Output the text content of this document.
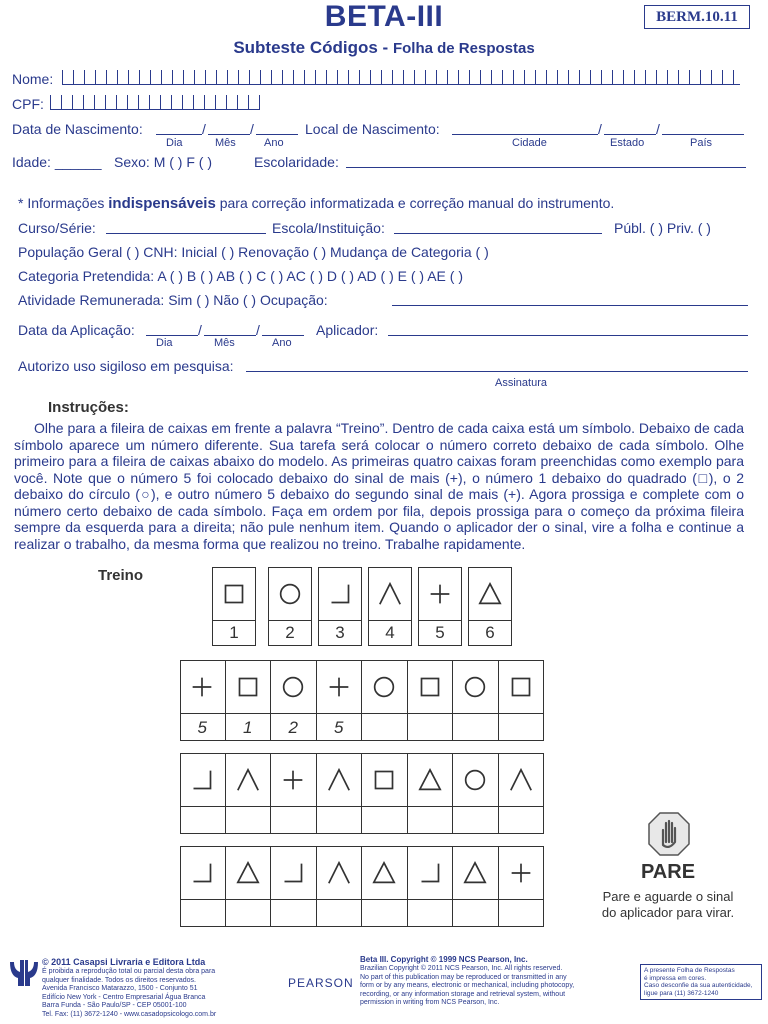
BETA-III
Subteste Códigos - Folha de Respostas
BERM.10.11
Nome:
CPF:
Data de Nascimento:	/	/
Dia	Mês	Ano
Local de Nascimento:	/	/
Cidade	Estado	País
Idade: ______ Sexo: M ( ) F ( )	Escolaridade:
* Informações indispensáveis para correção informatizada e correção manual do instrumento.
Curso/Série:	Escola/Instituição:	Públ. ( ) Priv. ( )
População Geral ( ) CNH: Inicial ( ) Renovação ( ) Mudança de Categoria ( )
Categoria Pretendida: A ( ) B ( ) AB ( ) C ( ) AC ( ) D ( ) AD ( ) E ( ) AE ( )
Atividade Remunerada: Sim ( ) Não ( ) Ocupação:
Data da Aplicação:	/	/
Dia	Mês	Ano
Aplicador:
Autorizo uso sigiloso em pesquisa:
Assinatura
Instruções:
Olhe para a fileira de caixas em frente a palavra “Treino”. Dentro de cada caixa está um símbolo. Debaixo de cada símbolo aparece um número diferente. Sua tarefa será colocar o número correto debaixo de cada símbolo. Olhe primeiro para a fileira de caixas abaixo do modelo. As primeiras quatro caixas foram preenchidas como exemplo para você. Note que o número 5 foi colocado debaixo do sinal de mais (+), o número 1 debaixo do quadrado (□), o 2 debaixo do círculo (○), e outro número 5 debaixo do segundo sinal de mais (+). Agora prossiga e complete com o número certo debaixo de cada símbolo. Faça em ordem por fila, depois prossiga para o começo da próxima fileira sempre da esquerda para a direita; não pule nenhum item. Quando o aplicador der o sinal, vire a folha e continue a realizar o trabalho, da mesma forma que realizou no treino. Trabalhe rapidamente.
Treino
1	2	3	4	5	6
5	1	2	5
PARE
Pare e aguarde o sinal
do aplicador para virar.
© 2011 Casapsi Livraria e Editora Ltda
É proibida a reprodução total ou parcial desta obra para
qualquer finalidade. Todos os direitos reservados.
Avenida Francisco Matarazzo, 1500 - Conjunto 51
Edifício New York - Centro Empresarial Água Branca
Barra Funda - São Paulo/SP - CEP 05001-100
Tel. Fax: (11) 3672-1240 - www.casadopsicologo.com.br
PEARSON
Beta III. Copyright © 1999 NCS Pearson, Inc.
Brazilian Copyright © 2011 NCS Pearson, Inc. All rights reserved.
No part of this publication may be reproduced or transmitted in any
form or by any means, electronic or mechanical, including photocopy,
recording, or any information storage and retrieval system, without
permission in writing from NCS Pearson, Inc.
A presente Folha de Respostas
é impressa em cores.
Caso desconfie da sua autenticidade,
ligue para (11) 3672-1240
